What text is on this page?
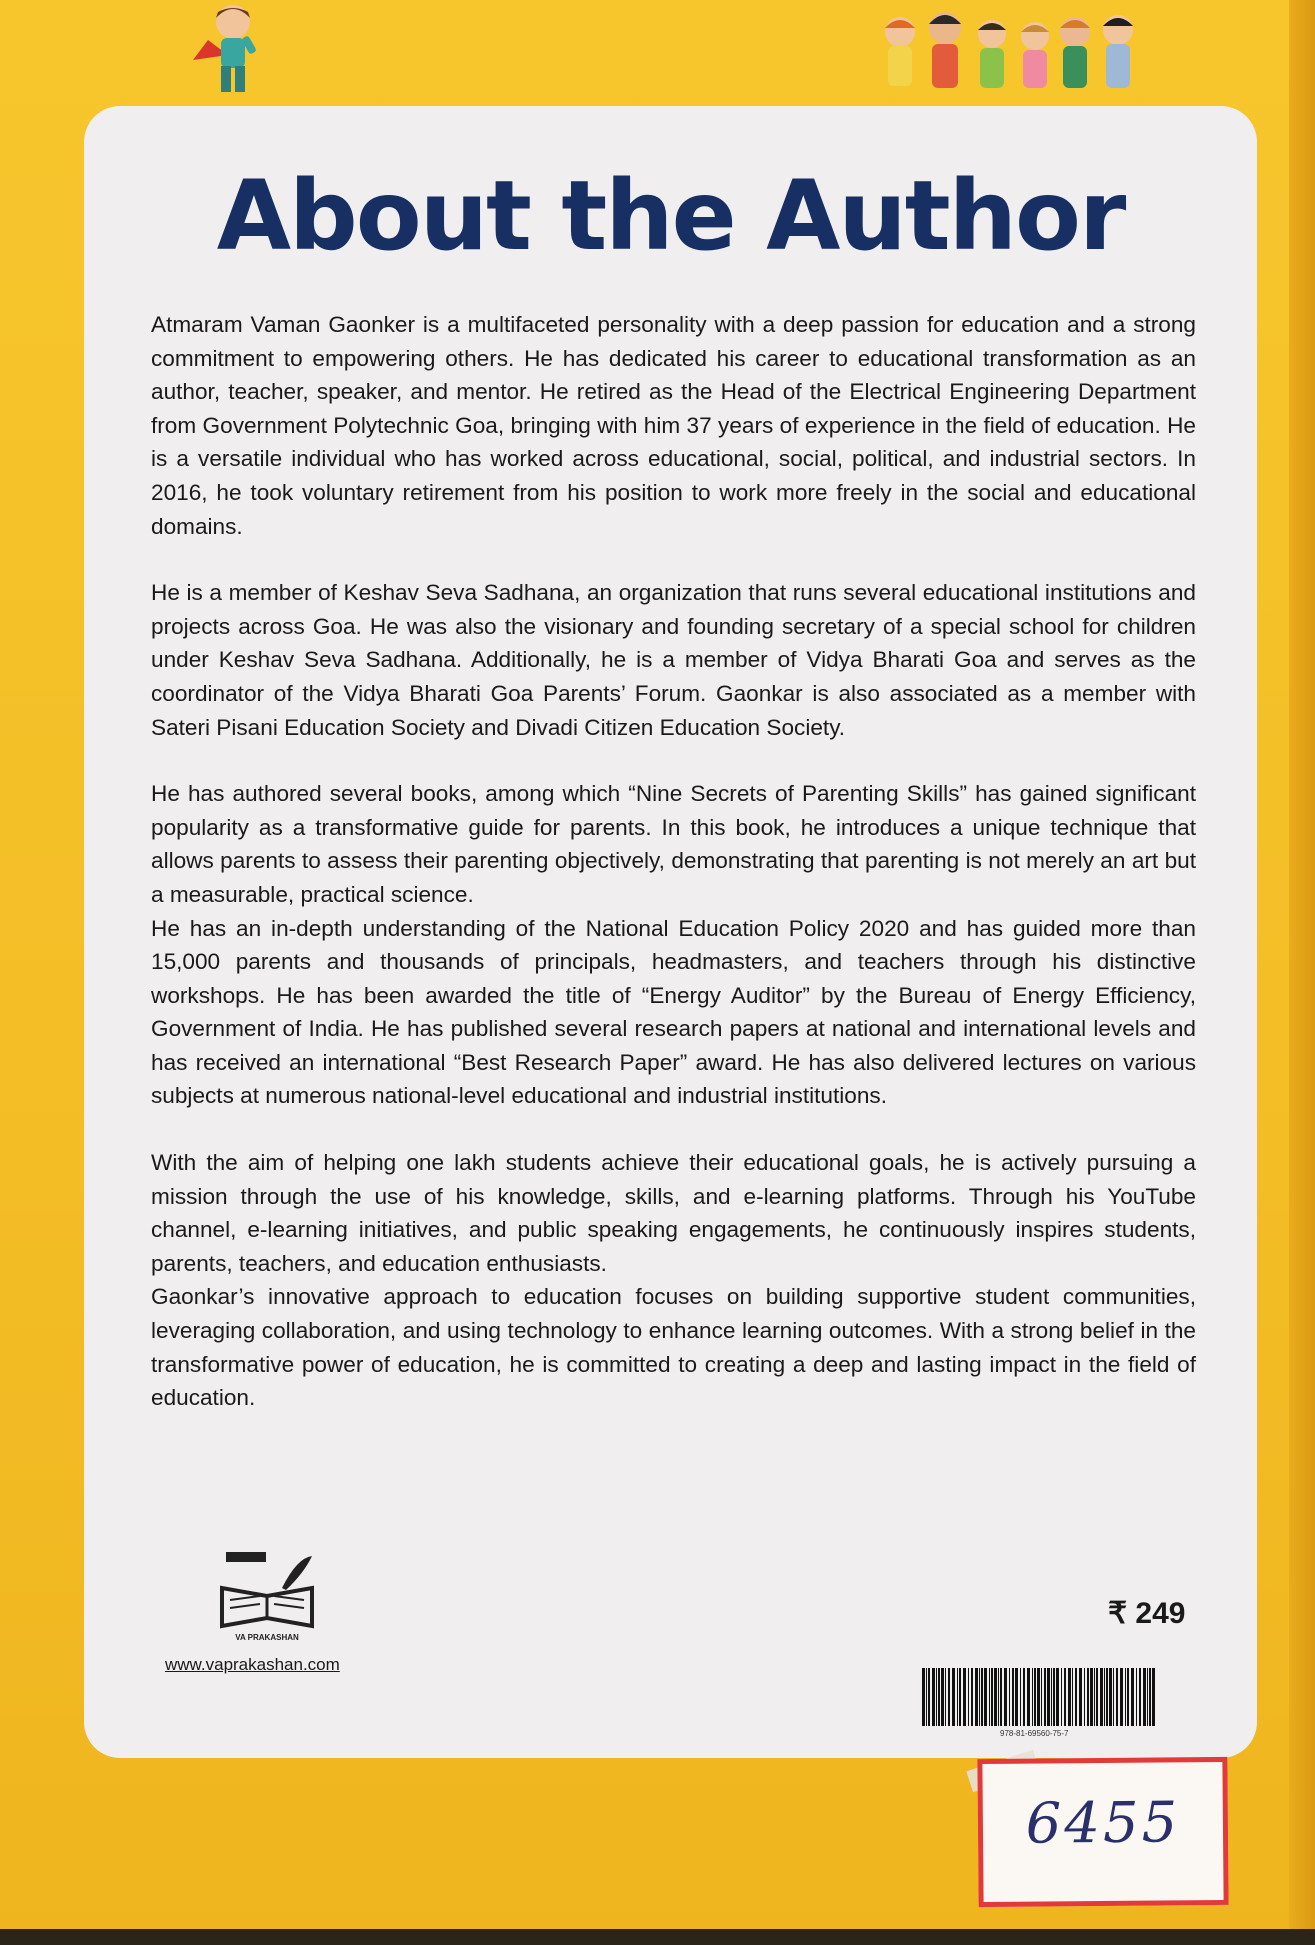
About the Author

Atmaram Vaman Gaonker is a multifaceted personality with a deep passion for education and a strong commitment to empowering others. He has dedicated his career to educational transformation as an author, teacher, speaker, and mentor. He retired as the Head of the Electrical Engineering Department from Government Polytechnic Goa, bringing with him 37 years of experience in the field of education. He is a versatile individual who has worked across educational, social, political, and industrial sectors. In 2016, he took voluntary retirement from his position to work more freely in the social and educational domains.

He is a member of Keshav Seva Sadhana, an organization that runs several educational institutions and projects across Goa. He was also the visionary and founding secretary of a special school for children under Keshav Seva Sadhana. Additionally, he is a member of Vidya Bharati Goa and serves as the coordinator of the Vidya Bharati Goa Parents’ Forum. Gaonkar is also associated as a member with Sateri Pisani Education Society and Divadi Citizen Education Society.

He has authored several books, among which “Nine Secrets of Parenting Skills” has gained significant popularity as a transformative guide for parents. In this book, he introduces a unique technique that allows parents to assess their parenting objectively, demonstrating that parenting is not merely an art but a measurable, practical science.

He has an in-depth understanding of the National Education Policy 2020 and has guided more than 15,000 parents and thousands of principals, headmasters, and teachers through his distinctive workshops. He has been awarded the title of “Energy Auditor” by the Bureau of Energy Efficiency, Government of India. He has published several research papers at national and international levels and has received an international “Best Research Paper” award. He has also delivered lectures on various subjects at numerous national-level educational and industrial institutions.

With the aim of helping one lakh students achieve their educational goals, he is actively pursuing a mission through the use of his knowledge, skills, and e-learning platforms. Through his YouTube channel, e-learning initiatives, and public speaking engagements, he continuously inspires students, parents, teachers, and education enthusiasts.

Gaonkar’s innovative approach to education focuses on building supportive student communities, leveraging collaboration, and using technology to enhance learning outcomes. With a strong belief in the transformative power of education, he is committed to creating a deep and lasting impact in the field of education.

VA PRAKASHAN
www.vaprakashan.com
₹ 249
978-81-69560-75-7
6455
